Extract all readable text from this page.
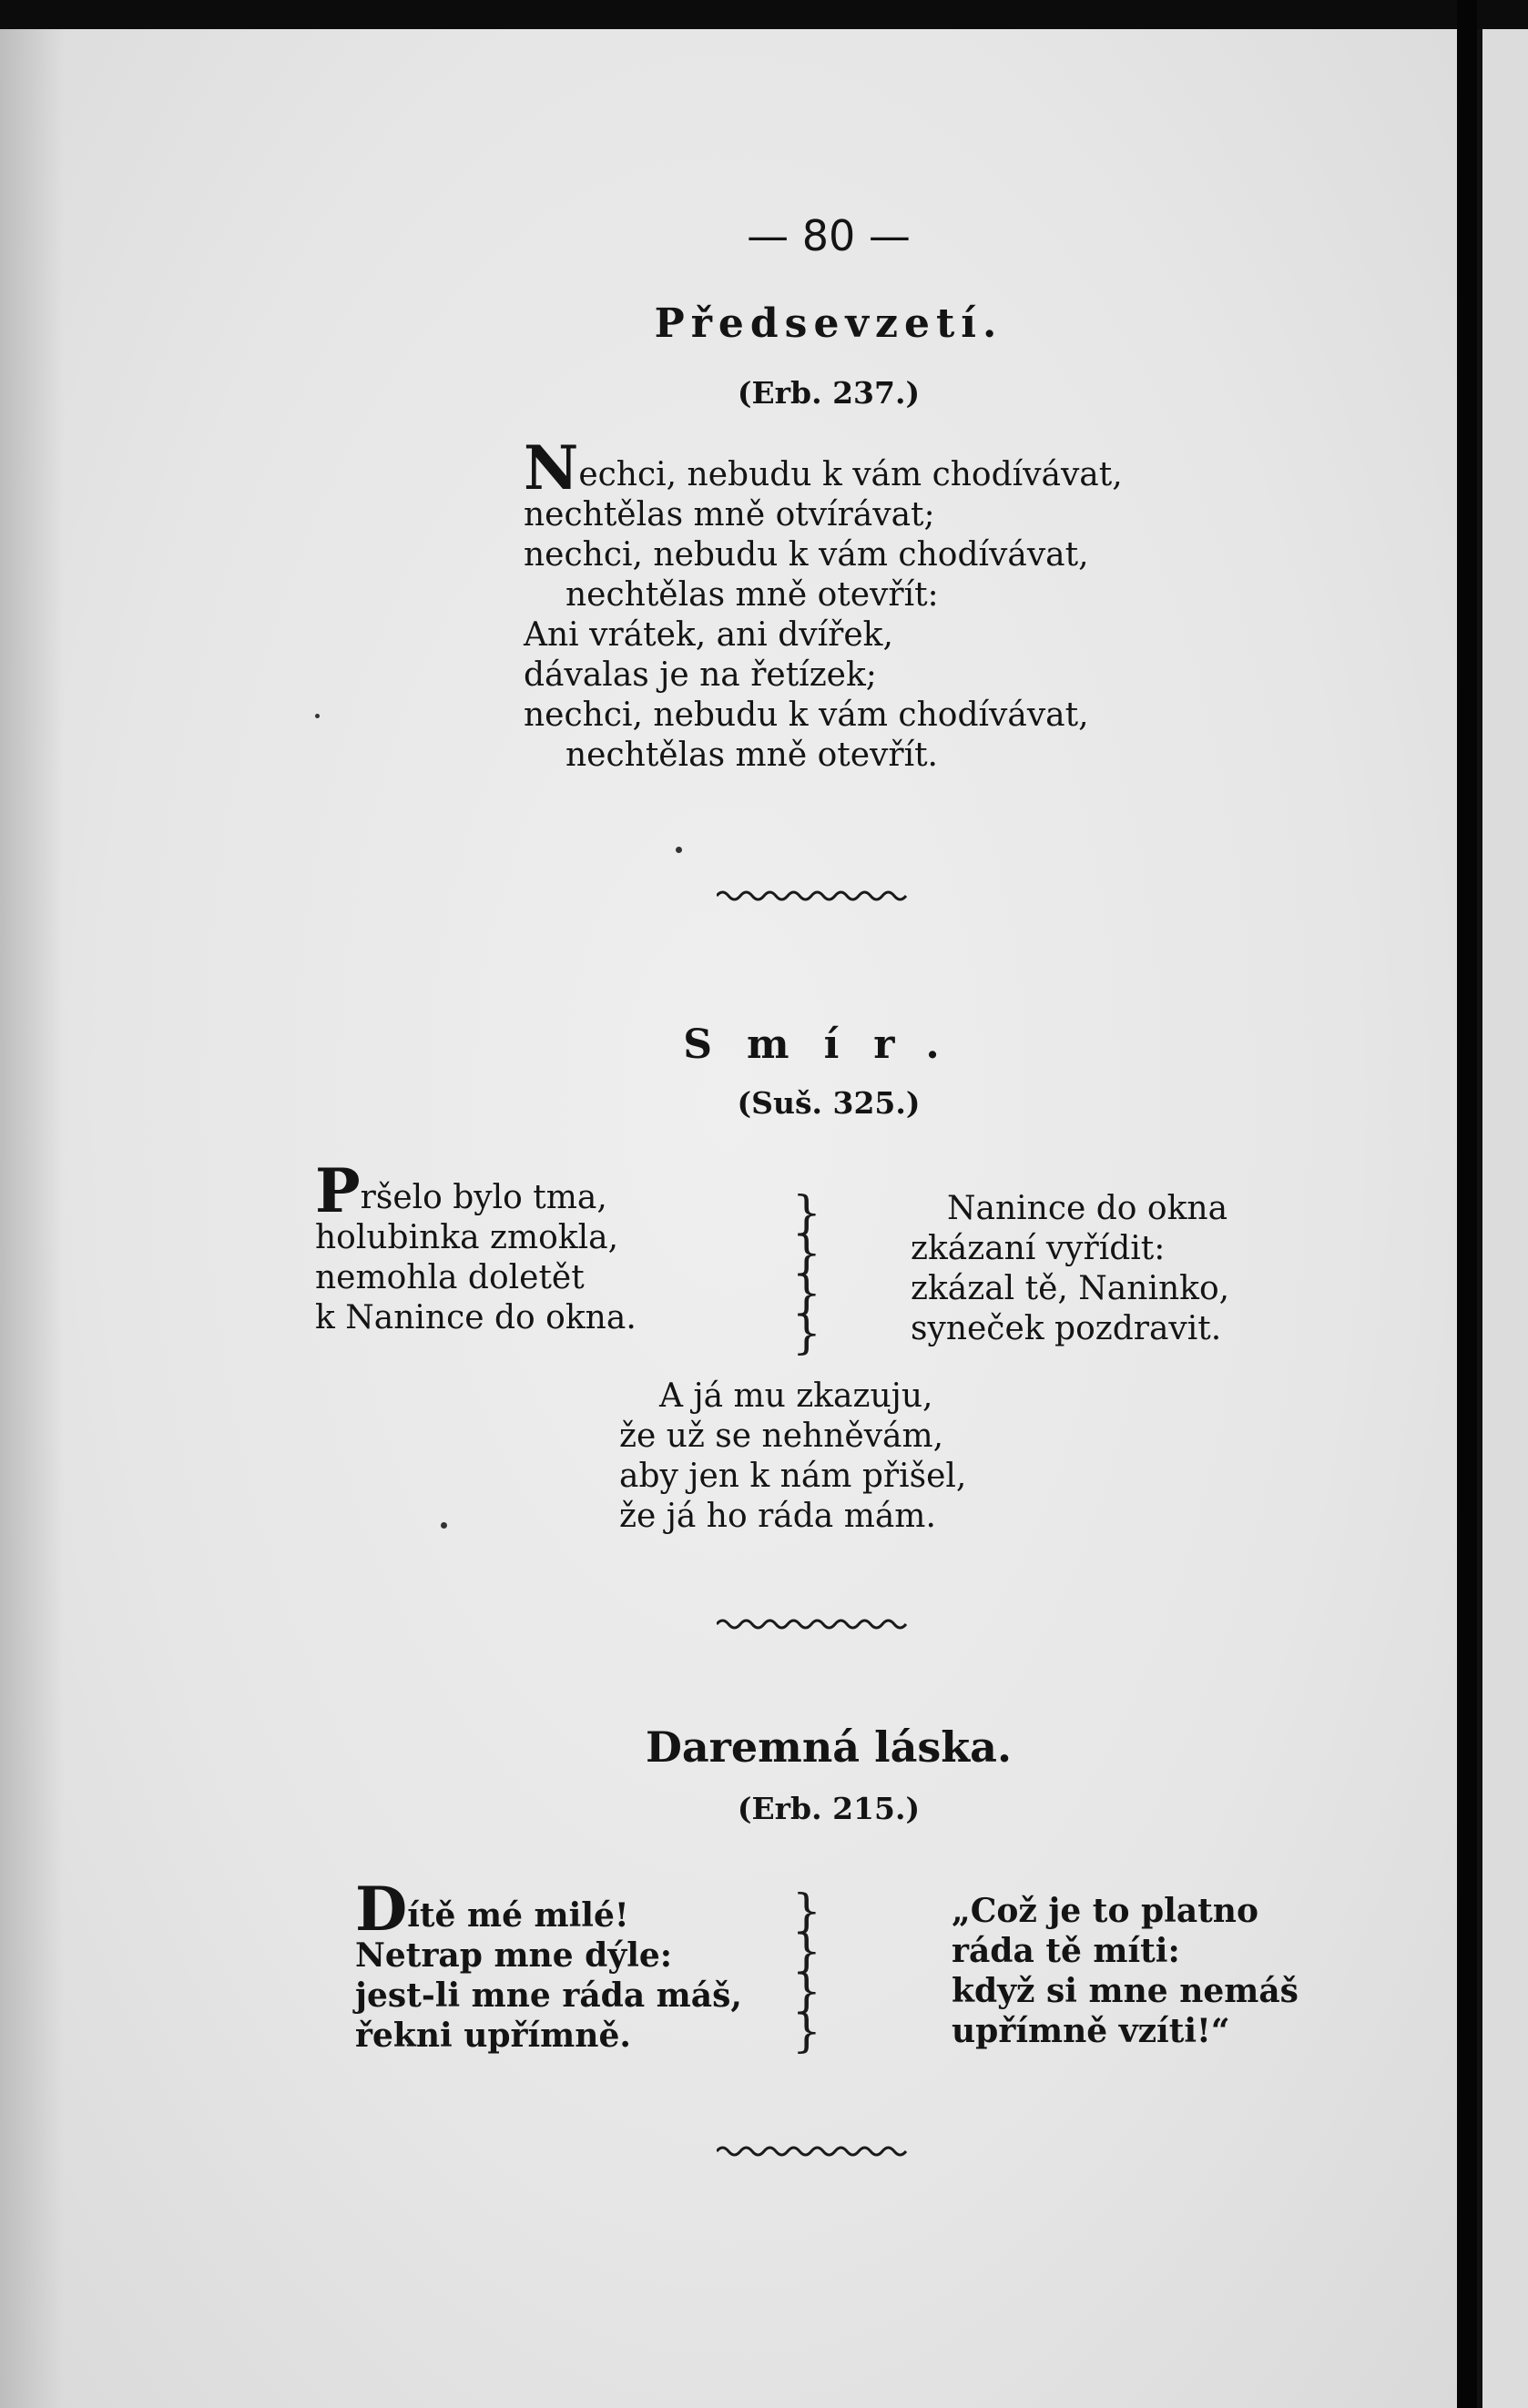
— 80 —

Předsevzetí.

(Erb. 237.)

Nechci, nebudu k vám chodívávat,
nechtělas mně otvírávat;
nechci, nebudu k vám chodívávat,
nechtělas mně otevřít:
Ani vrátek, ani dvířek,
dávalas je na řetízek;
nechci, nebudu k vám chodívávat,
nechtělas mně otevřít.
Smír.

(Suš. 325.)

Pršelo bylo tma,
holubinka zmokla,
nemohla doletět
k Nanince do okna.
}
}
}
}
Nanince do okna
zkázaní vyřídit:
zkázal tě, Naninko,
syneček pozdravit.
A já mu zkazuju,
že už se nehněvám,
aby jen k nám přišel,
že já ho ráda mám.
Daremná láska.

(Erb. 215.)

Dítě mé milé!
Netrap mne dýle:
jest-li mne ráda máš,
řekni upřímně.
}
}
}
}
„Což je to platno
ráda tě míti:
když si mne nemáš
upřímně vzíti!“
